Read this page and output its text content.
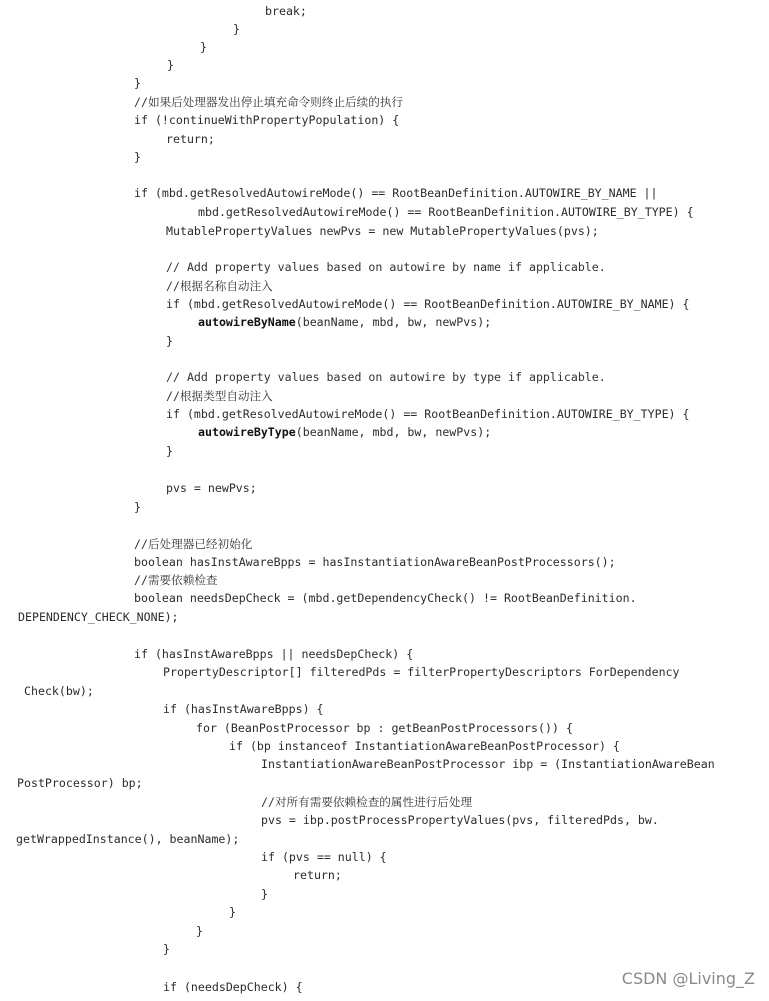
break;
}
}
}
}
//如果后处理器发出停止填充命令则终止后续的执行
if (!continueWithPropertyPopulation) {
return;
}
if (mbd.getResolvedAutowireMode() == RootBeanDefinition.AUTOWIRE_BY_NAME ||
mbd.getResolvedAutowireMode() == RootBeanDefinition.AUTOWIRE_BY_TYPE) {
MutablePropertyValues newPvs = new MutablePropertyValues(pvs);
// Add property values based on autowire by name if applicable.
//根据名称自动注入
if (mbd.getResolvedAutowireMode() == RootBeanDefinition.AUTOWIRE_BY_NAME) {
autowireByName(beanName, mbd, bw, newPvs);
}
// Add property values based on autowire by type if applicable.
//根据类型自动注入
if (mbd.getResolvedAutowireMode() == RootBeanDefinition.AUTOWIRE_BY_TYPE) {
autowireByType(beanName, mbd, bw, newPvs);
}
pvs = newPvs;
}
//后处理器已经初始化
boolean hasInstAwareBpps = hasInstantiationAwareBeanPostProcessors();
//需要依赖检查
boolean needsDepCheck = (mbd.getDependencyCheck() != RootBeanDefinition.
DEPENDENCY_CHECK_NONE);
if (hasInstAwareBpps || needsDepCheck) {
PropertyDescriptor[] filteredPds = filterPropertyDescriptors ForDependency
Check(bw);
if (hasInstAwareBpps) {
for (BeanPostProcessor bp : getBeanPostProcessors()) {
if (bp instanceof InstantiationAwareBeanPostProcessor) {
InstantiationAwareBeanPostProcessor ibp = (InstantiationAwareBean
PostProcessor) bp;
//对所有需要依赖检查的属性进行后处理
pvs = ibp.postProcessPropertyValues(pvs, filteredPds, bw.
getWrappedInstance(), beanName);
if (pvs == null) {
return;
}
}
}
}
if (needsDepCheck) {	CSDN @Living_Z
